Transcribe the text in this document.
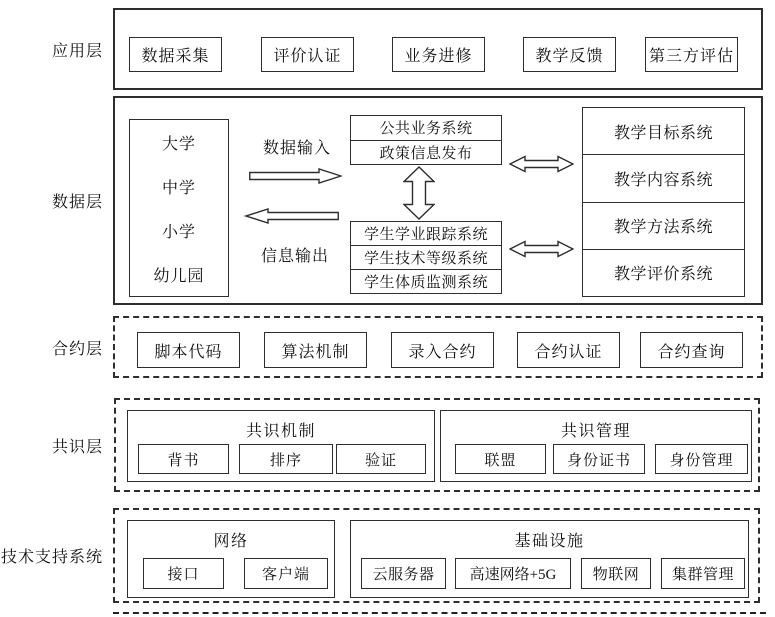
应用层
数据层
合约层
共识层
技术支持系统
数据采集	评价认证	业务进修	教学反馈	第三方评估
大学
中学
小学
幼儿园
数据输入
信息输出
公共业务系统
政策信息发布
学生学业跟踪系统
学生技术等级系统
学生体质监测系统
教学目标系统
教学内容系统
教学方法系统
教学评价系统
脚本代码	算法机制	录入合约	合约认证	合约查询
共识机制
背书	排序	验证
共识管理
联盟	身份证书	身份管理
网络
接口	客户端
基础设施
云服务器	高速网络+5G	物联网	集群管理
